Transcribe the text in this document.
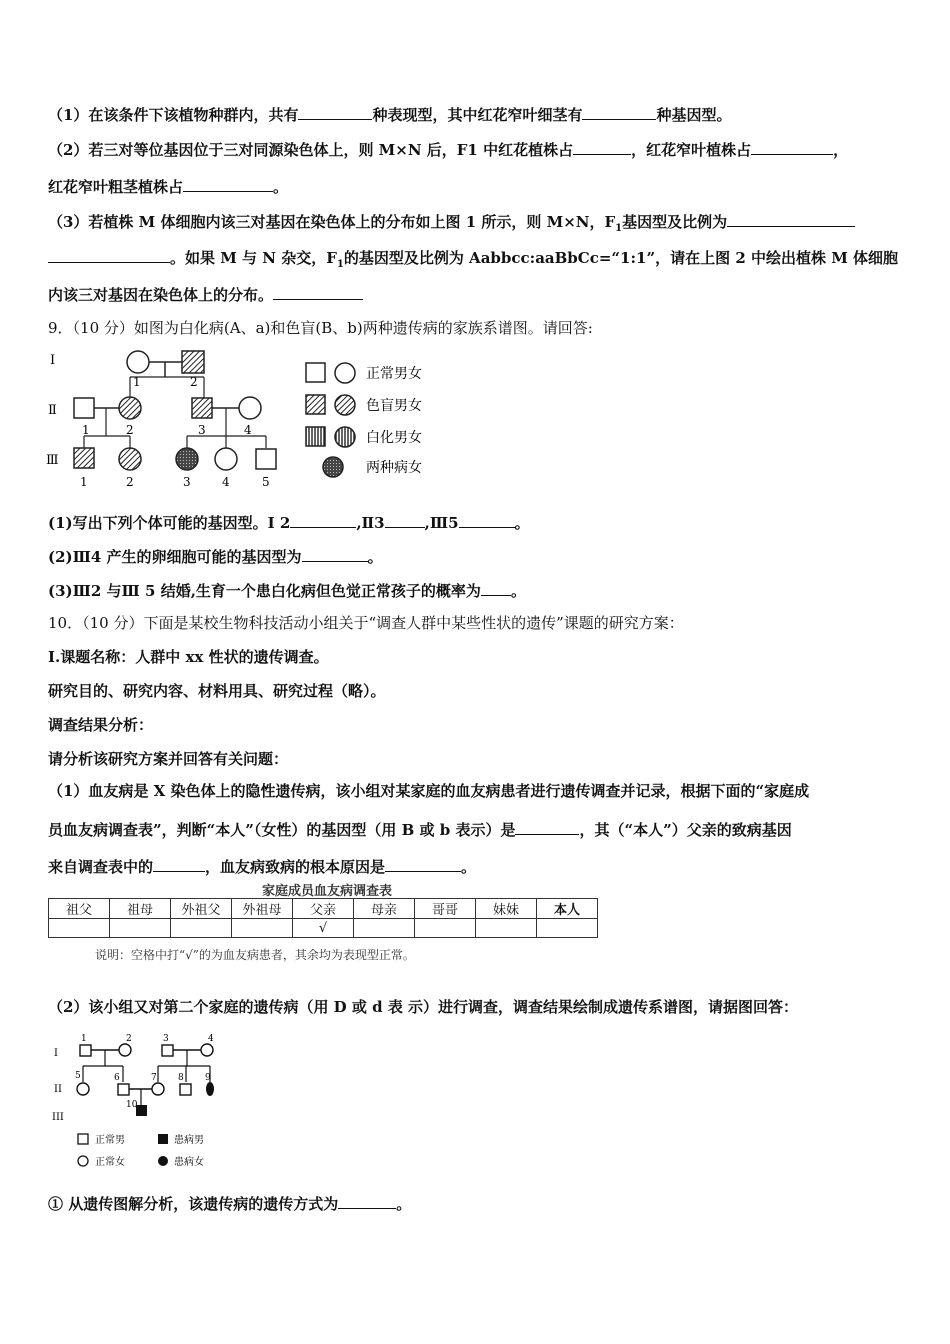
（1）在该条件下该植物种群内，共有	种表现型，其中红花窄叶细茎有	种基因型。
（2）若三对等位基因位于三对同源染色体上，则 M×N 后，F1 中红花植株占	，红花窄叶植株占	，
红花窄叶粗茎植株占	。
（3）若植株 M 体细胞内该三对基因在染色体上的分布如上图 1 所示，则 M×N，$F_1$基因型及比例为
。如果 M 与 N 杂交，$F_1$的基因型及比例为 Aabbcc:aaBbCc=“1:1”，请在上图 2 中绘出植株 M 体细胞
内该三对基因在染色体上的分布。
9．（10 分）如图为白化病(A、a)和色盲(B、b)两种遗传病的家族系谱图。请回答:
Ⅰ
Ⅱ
Ⅲ
1	2
1	2	3	4
1	2	3	4	5
正常男女
色盲男女
白化男女
两种病女
(1)写出下列个体可能的基因型。Ⅰ 2	,Ⅱ3	,Ⅲ5	。
(2)Ⅲ4 产生的卵细胞可能的基因型为	。
(3)Ⅲ2 与Ⅲ 5 结婚,生育一个患白化病但色觉正常孩子的概率为 。
10．（10 分）下面是某校生物科技活动小组关于“调查人群中某些性状的遗传”课题的研究方案：
I.课题名称：人群中 xx 性状的遗传调查。
研究目的、研究内容、材料用具、研究过程（略）。
调查结果分析：
请分析该研究方案并回答有关问题：
（1）血友病是 X 染色体上的隐性遗传病，该小组对某家庭的血友病患者进行遗传调查并记录，根据下面的“家庭成
员血友病调查表”，判断“本人”（女性）的基因型（用 B 或 b 表示）是	，其（“本人”）父亲的致病基因
来自调查表中的	，血友病致病的根本原因是	。
家庭成员血友病调查表
祖父	祖母	外祖父	外祖母	父亲	母亲	哥哥	妹妹	本人
				√				
说明：空格中打“√”的为血友病患者，其余均为表现型正常。
（2）该小组又对第二个家庭的遗传病（用 D 或 d 表 示）进行调查，调查结果绘制成遗传系谱图，请据图回答：
I
II
III
1	2	3	4
5	6	7 8 9
10
正常男	患病男
正常女	患病女
① 从遗传图解分析，该遗传病的遗传方式为	。
